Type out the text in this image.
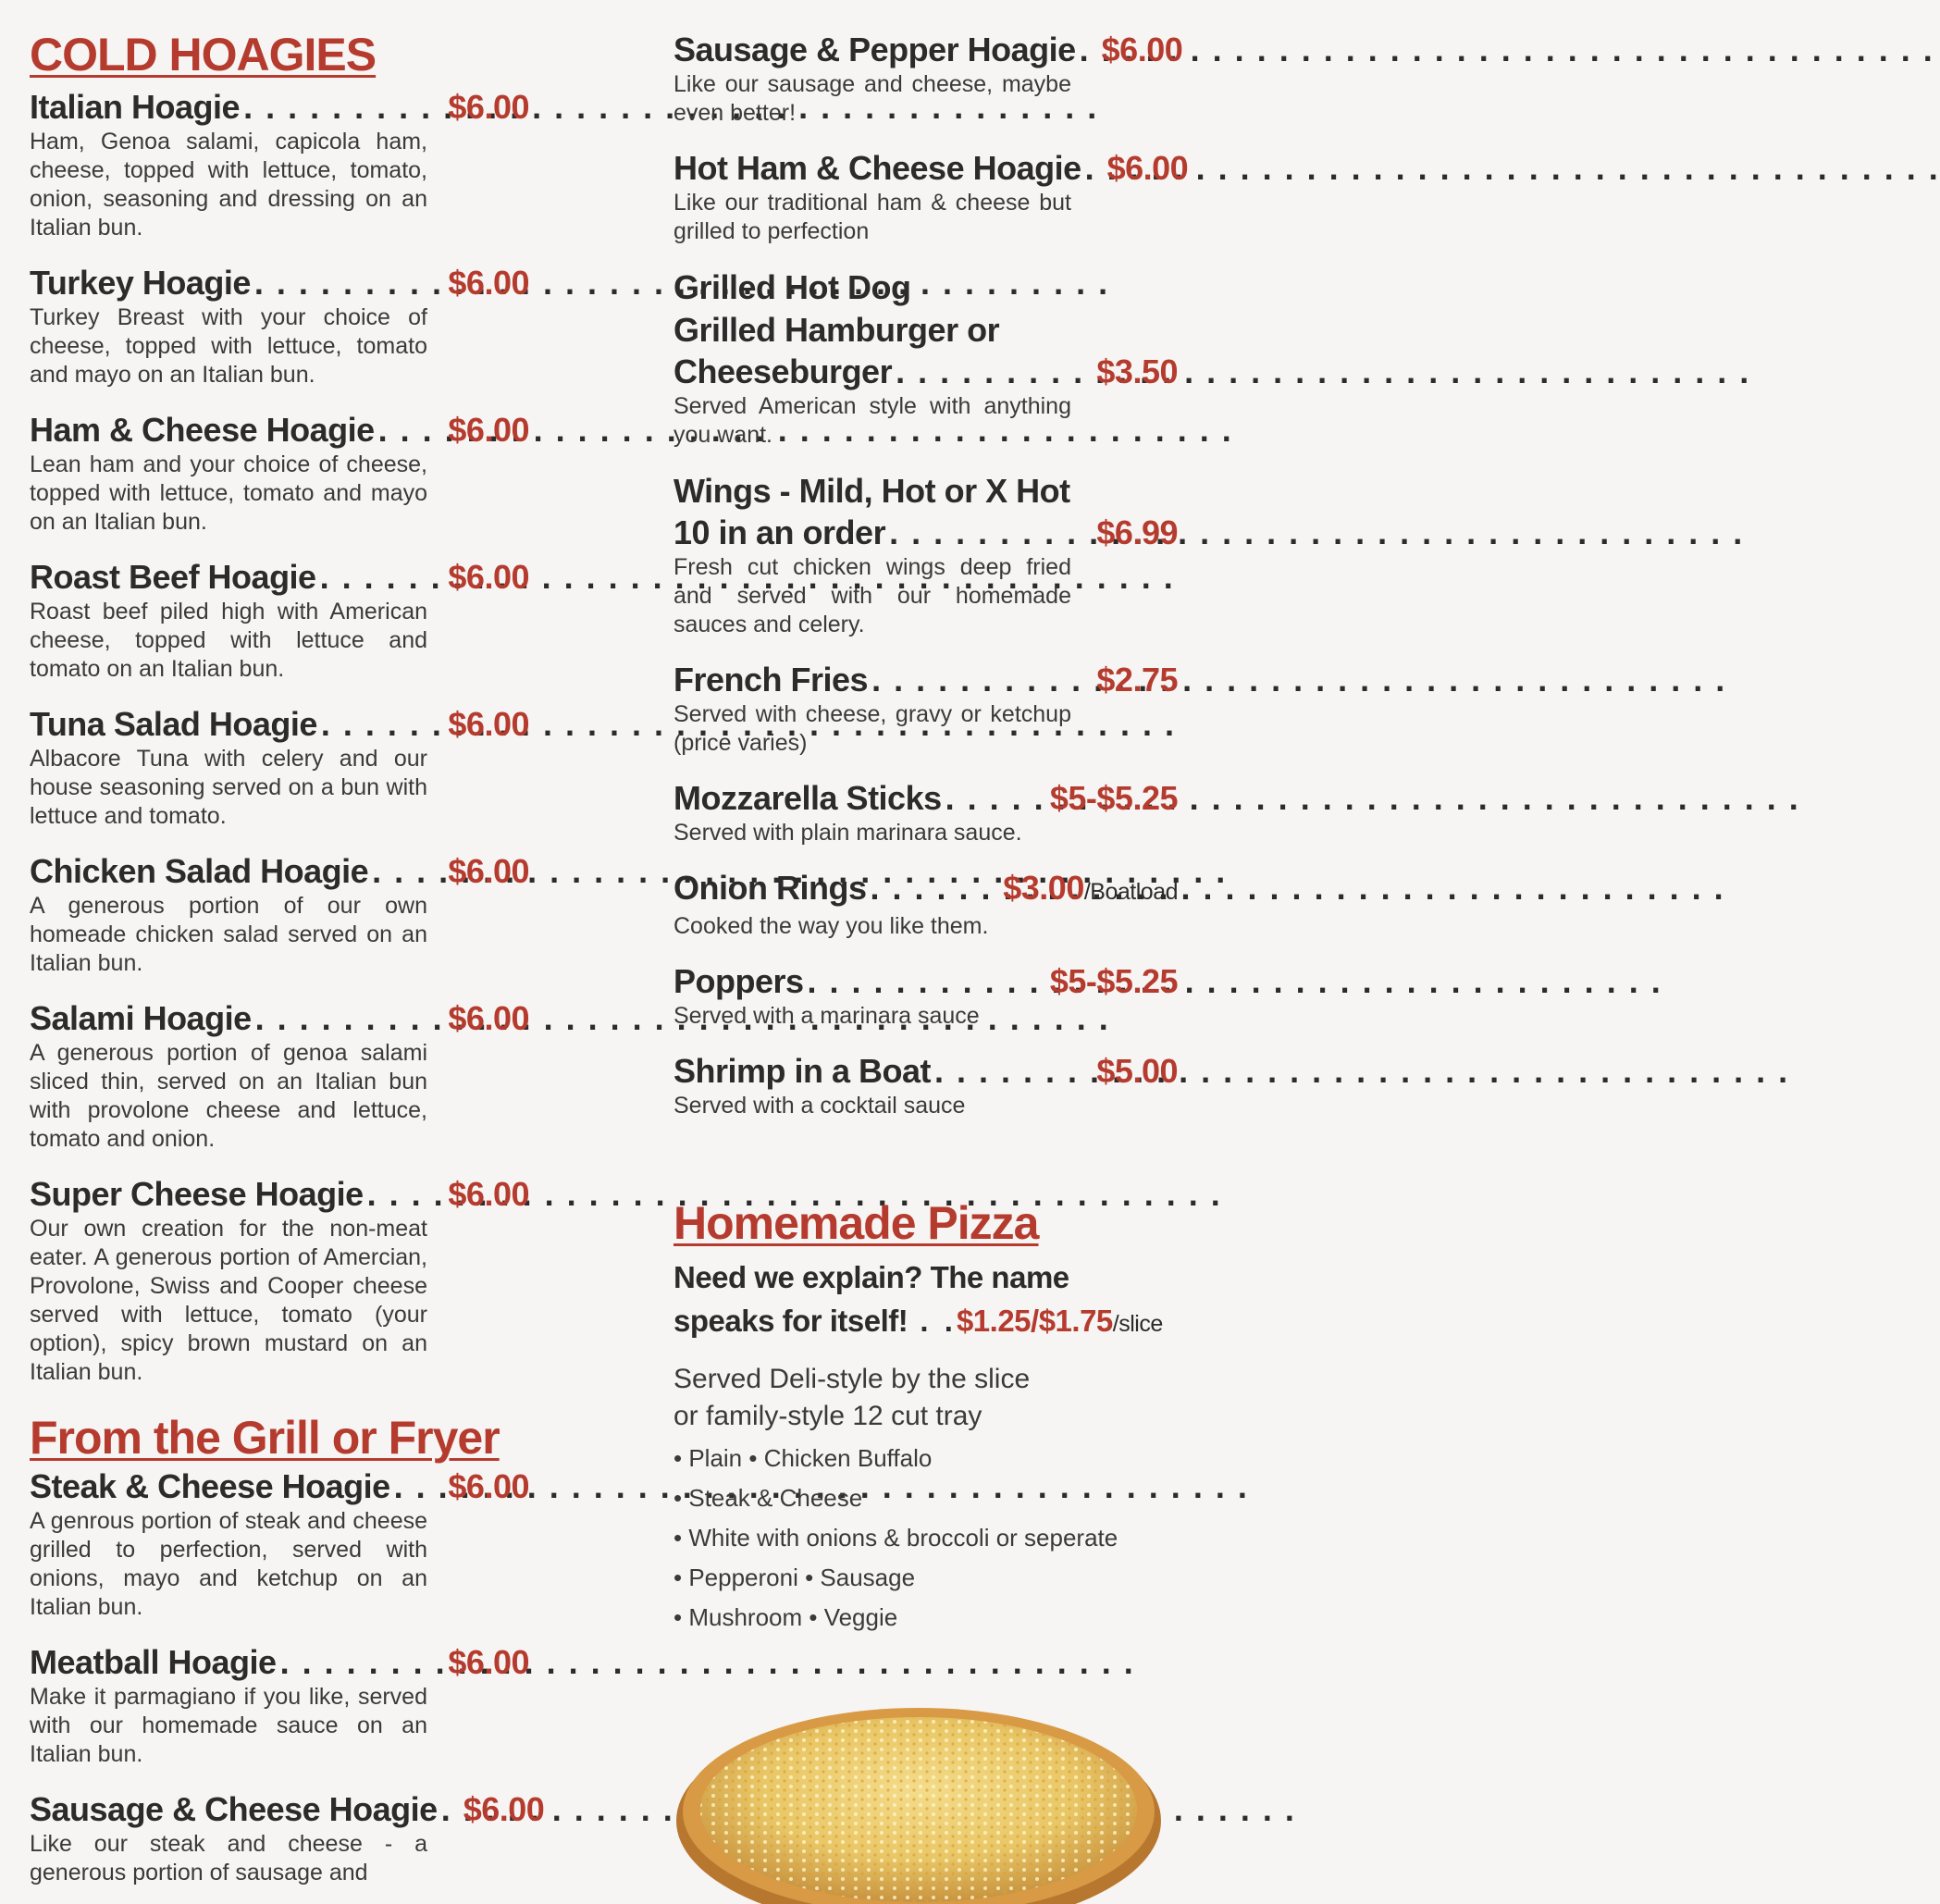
COLD HOAGIES
Italian Hoagie . . .	$6.00

Ham, Genoa salami, capicola ham, cheese, topped with lettuce, tomato, onion, seasoning and dressing on an Italian bun.

Turkey Hoagie . . .	$6.00

Turkey Breast with your choice of cheese, topped with lettuce, tomato and mayo on an Italian bun.

Ham & Cheese Hoagie . . . $6.00

Lean ham and your choice of cheese, topped with lettuce, tomato and mayo on an Italian bun.

Roast Beef Hoagie . . .	$6.00

Roast beef piled high with American cheese, topped with lettuce and tomato on an Italian bun.

Tuna Salad Hoagie . . .	$6.00

Albacore Tuna with celery and our house seasoning served on a bun with lettuce and tomato.

Chicken Salad Hoagie . . . $6.00

A generous portion of our own homeade chicken salad served on an Italian bun.

Salami Hoagie . . .	$6.00

A generous portion of genoa salami sliced thin, served on an Italian bun with provolone cheese and lettuce, tomato and onion.

Super Cheese Hoagie . . .	$6.00

Our own creation for the non-meat eater. A generous portion of Amercian, Provolone, Swiss and Cooper cheese served with lettuce, tomato (your option), spicy brown mustard on an Italian bun.

From the Grill or Fryer
Steak & Cheese Hoagie . . . $6.00

A genrous portion of steak and cheese grilled to perfection, served with onions, mayo and ketchup on an Italian bun.

Meatball Hoagie . . .	$6.00

Make it parmagiano if you like, served with our homemade sauce on an Italian bun.

Sausage & Cheese Hoagie . . . $6.00

Like our steak and cheese - a generous portion of sausage and

Sausage & Pepper Hoagie . . . $6.00

Like our sausage and cheese, maybe even better!

Hot Ham & Cheese Hoagie . . . $6.00

Like our traditional ham & cheese but grilled to perfection

Grilled Hot Dog
Grilled Hamburger or
Cheeseburger . . .	$3.50

Served American style with anything you want.

Wings - Mild, Hot or X Hot
10 in an order . . .	$6.99

Fresh cut chicken wings deep fried and served with our homemade sauces and celery.

French Fries . . .	$2.75

Served with cheese, gravy or ketchup (price varies)

Mozzarella Sticks . . .	$5-$5.25

Served with plain marinara sauce.

Onion Rings . . .	$3.00 /Boatload

Cooked the way you like them.

Poppers . . .	$5-$5.25

Served with a marinara sauce

Shrimp in a Boat . . .	$5.00

Served with a cocktail sauce

Homemade Pizza
Need we explain? The name
speaks for itself! . .$1.25/$1.75/slice

Served Deli-style by the slice

or family-style 12 cut tray

• Plain • Chicken Buffalo
• Steak & Cheese
• White with onions & broccoli or seperate
• Pepperoni • Sausage
• Mushroom • Veggie
